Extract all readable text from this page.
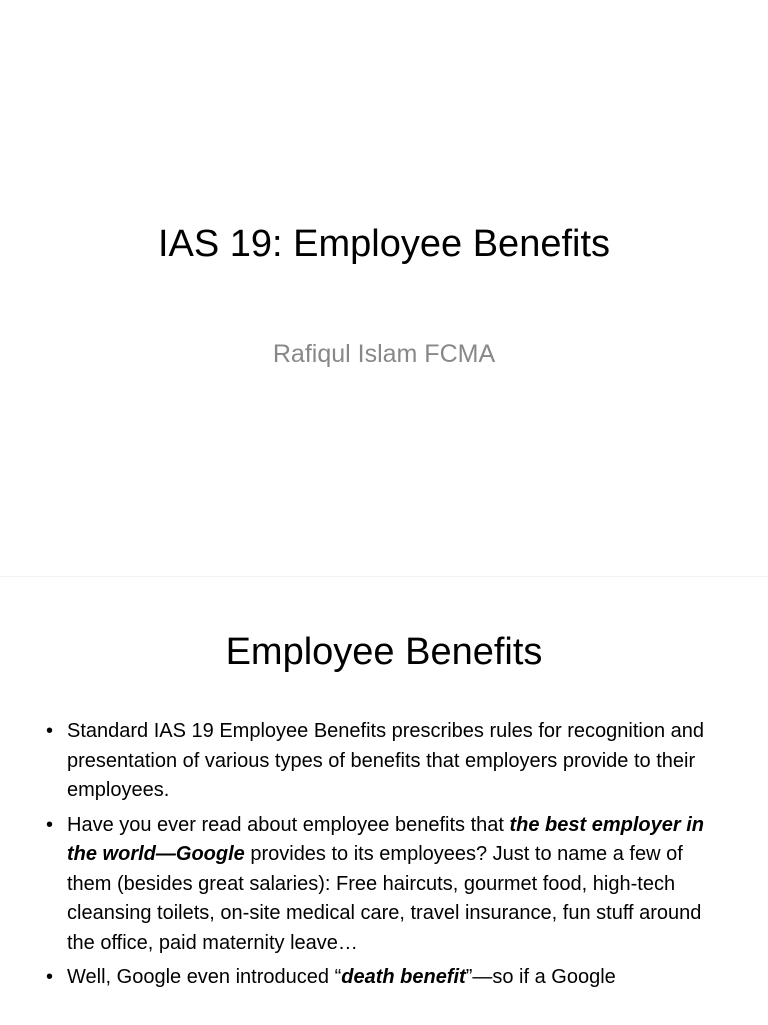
IAS 19: Employee Benefits
Rafiqul Islam FCMA
Employee Benefits
• Standard IAS 19 Employee Benefits prescribes rules for recognition and presentation of various types of benefits that employers provide to their employees.
• Have you ever read about employee benefits that the best employer in the world—Google provides to its employees? Just to name a few of them (besides great salaries): Free haircuts, gourmet food, high-tech cleansing toilets, on-site medical care, travel insurance, fun stuff around the office, paid maternity leave…
• Well, Google even introduced “death benefit”—so if a Google
